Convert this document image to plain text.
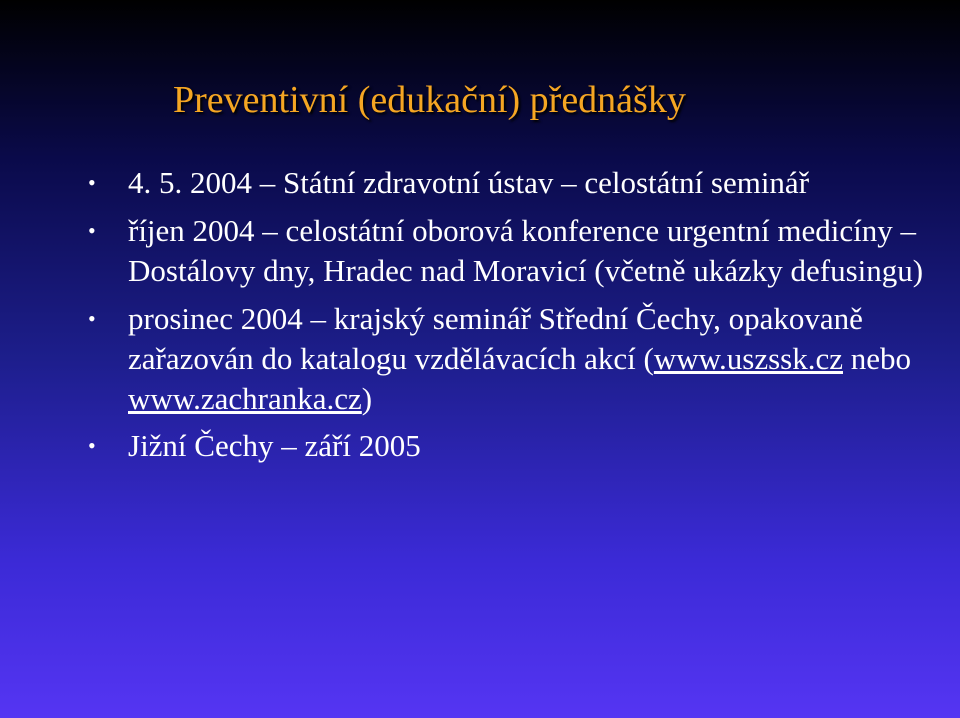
Preventivní (edukační) přednášky
• 4. 5. 2004 – Státní zdravotní ústav – celostátní seminář
• říjen 2004 – celostátní oborová konference urgentní medicíny – Dostálovy dny, Hradec nad Moravicí (včetně ukázky defusingu)
• prosinec 2004 – krajský seminář Střední Čechy, opakovaně zařazován do katalogu vzdělávacích akcí (www.uszssk.cz nebo www.zachranka.cz)
• Jižní Čechy – září 2005
